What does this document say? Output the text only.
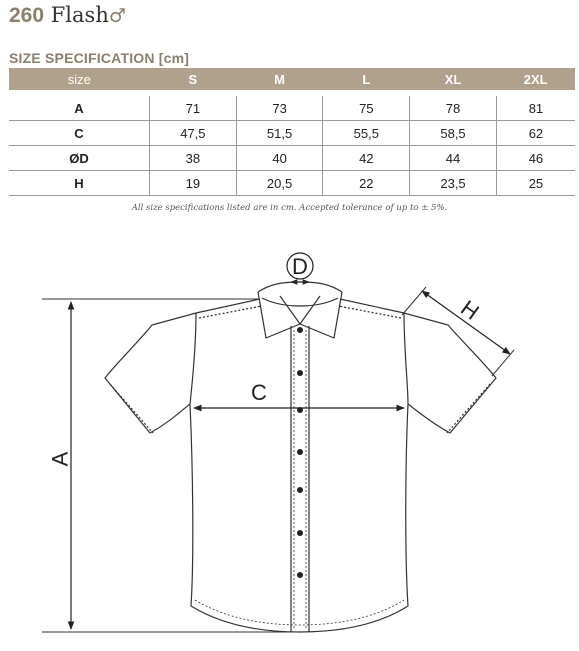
260 Flash♂
SIZE SPECIFICATION [cm]
size	S	M	L	XL	2XL
A	71	73	75	78	81
C	47,5	51,5	55,5	58,5	62
ØD	38	40	42	44	46
H	19	20,5	22	23,5	25
All size specifications listed are in cm. Accepted tolerance of up to ± 5%.
A
C
D
H
